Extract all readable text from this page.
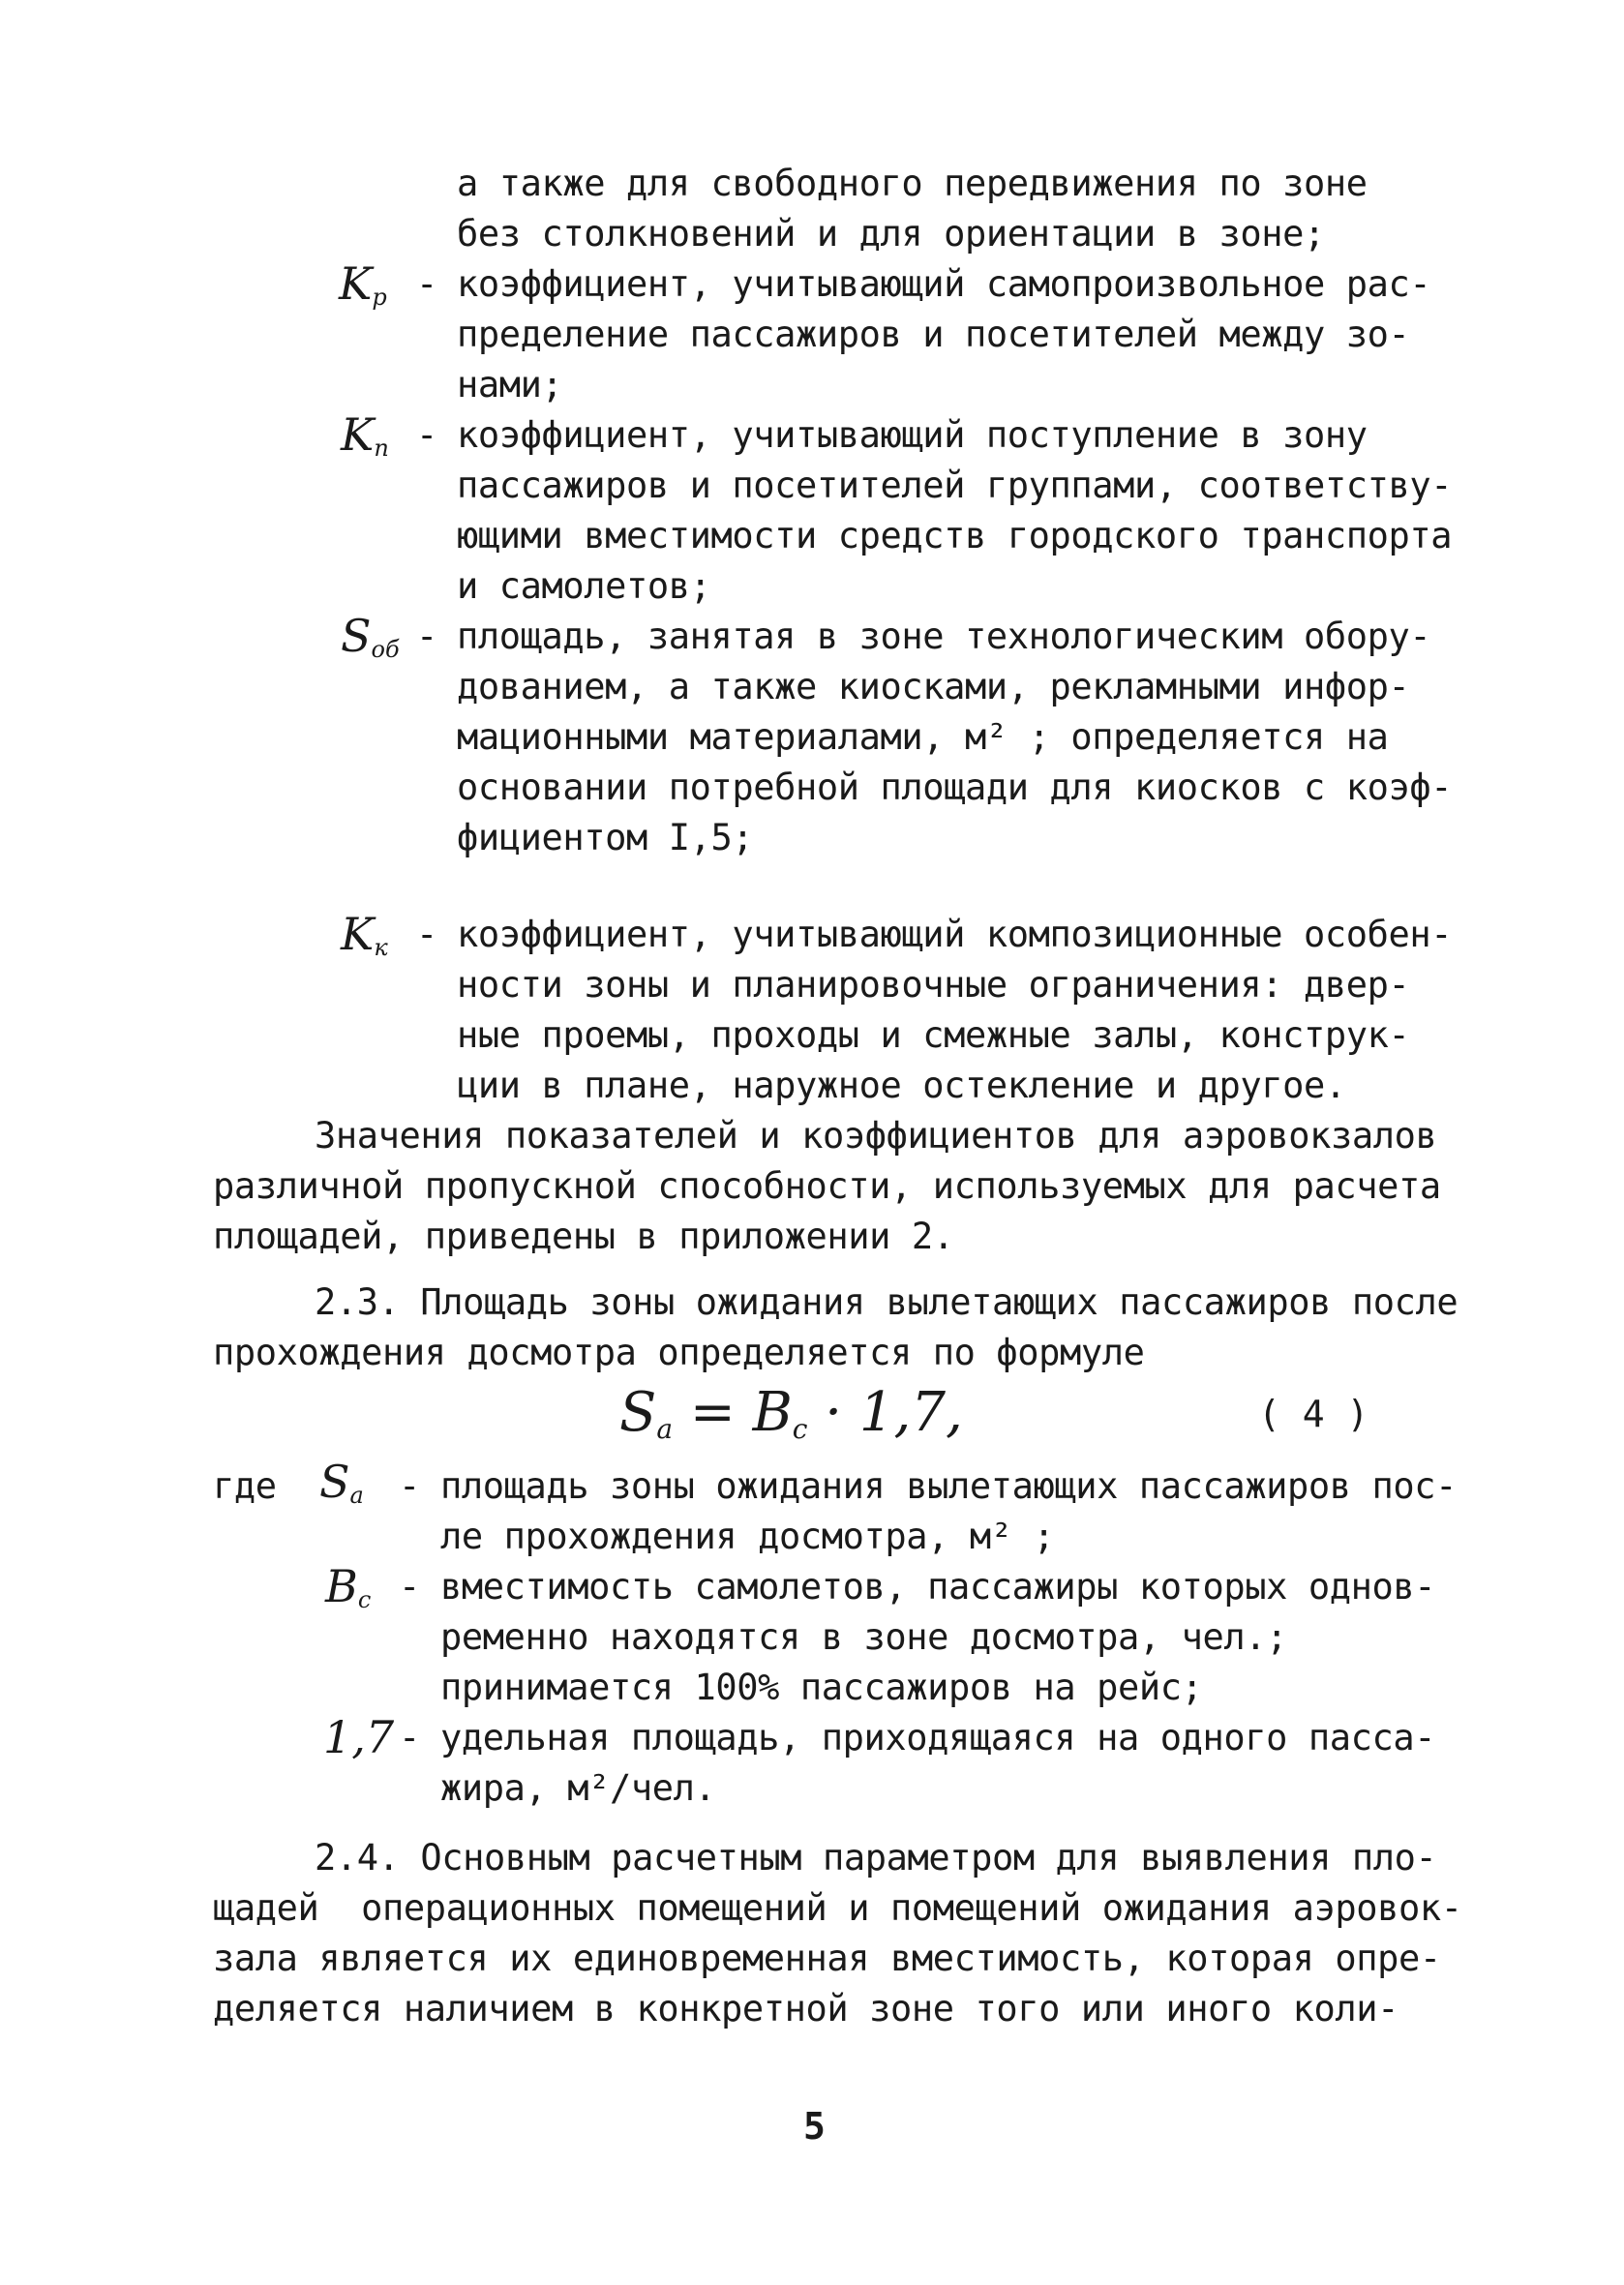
а также для свободного передвижения по зоне
без столкновений и для ориентации в зоне;
$K_p$ - коэффициент, учитывающий самопроизвольное рас-
пределение пассажиров и посетителей между зо-
нами;
$K_п$ - коэффициент, учитывающий поступление в зону
пассажиров и посетителей группами, соответству-
ющими вместимости средств городского транспорта
и самолетов;
$S_{об}$ - площадь, занятая в зоне технологическим обору-
дованием, а также киосками, рекламными инфор-
мационными материалами, м² ; определяется на
основании потребной площади для киосков с коэф-
фициентом I,5;
$K_к$ - коэффициент, учитывающий композиционные особен-
ности зоны и планировочные ограничения: двер-
ные проемы, проходы и смежные залы, конструк-
ции в плане, наружное остекление и другое.
Значения показателей и коэффициентов для аэровокзалов
различной пропускной способности, используемых для расчета
площадей, приведены в приложении 2.
2.3. Площадь зоны ожидания вылетающих пассажиров после
прохождения досмотра определяется по формуле
$S_a = B_c \cdot 1,7$,	( 4 )
где $S_a$ - площадь зоны ожидания вылетающих пассажиров пос-
ле прохождения досмотра, м² ;
$B_c$ - вместимость самолетов, пассажиры которых однов-
ременно находятся в зоне досмотра, чел.;
принимается 100% пассажиров на рейс;
1,7 - удельная площадь, приходящаяся на одного пасса-
жира, м²/чел.
2.4. Основным расчетным параметром для выявления пло-
щадей  операционных помещений и помещений ожидания аэровок-
зала является их единовременная вместимость, которая опре-
деляется наличием в конкретной зоне того или иного коли-
5
